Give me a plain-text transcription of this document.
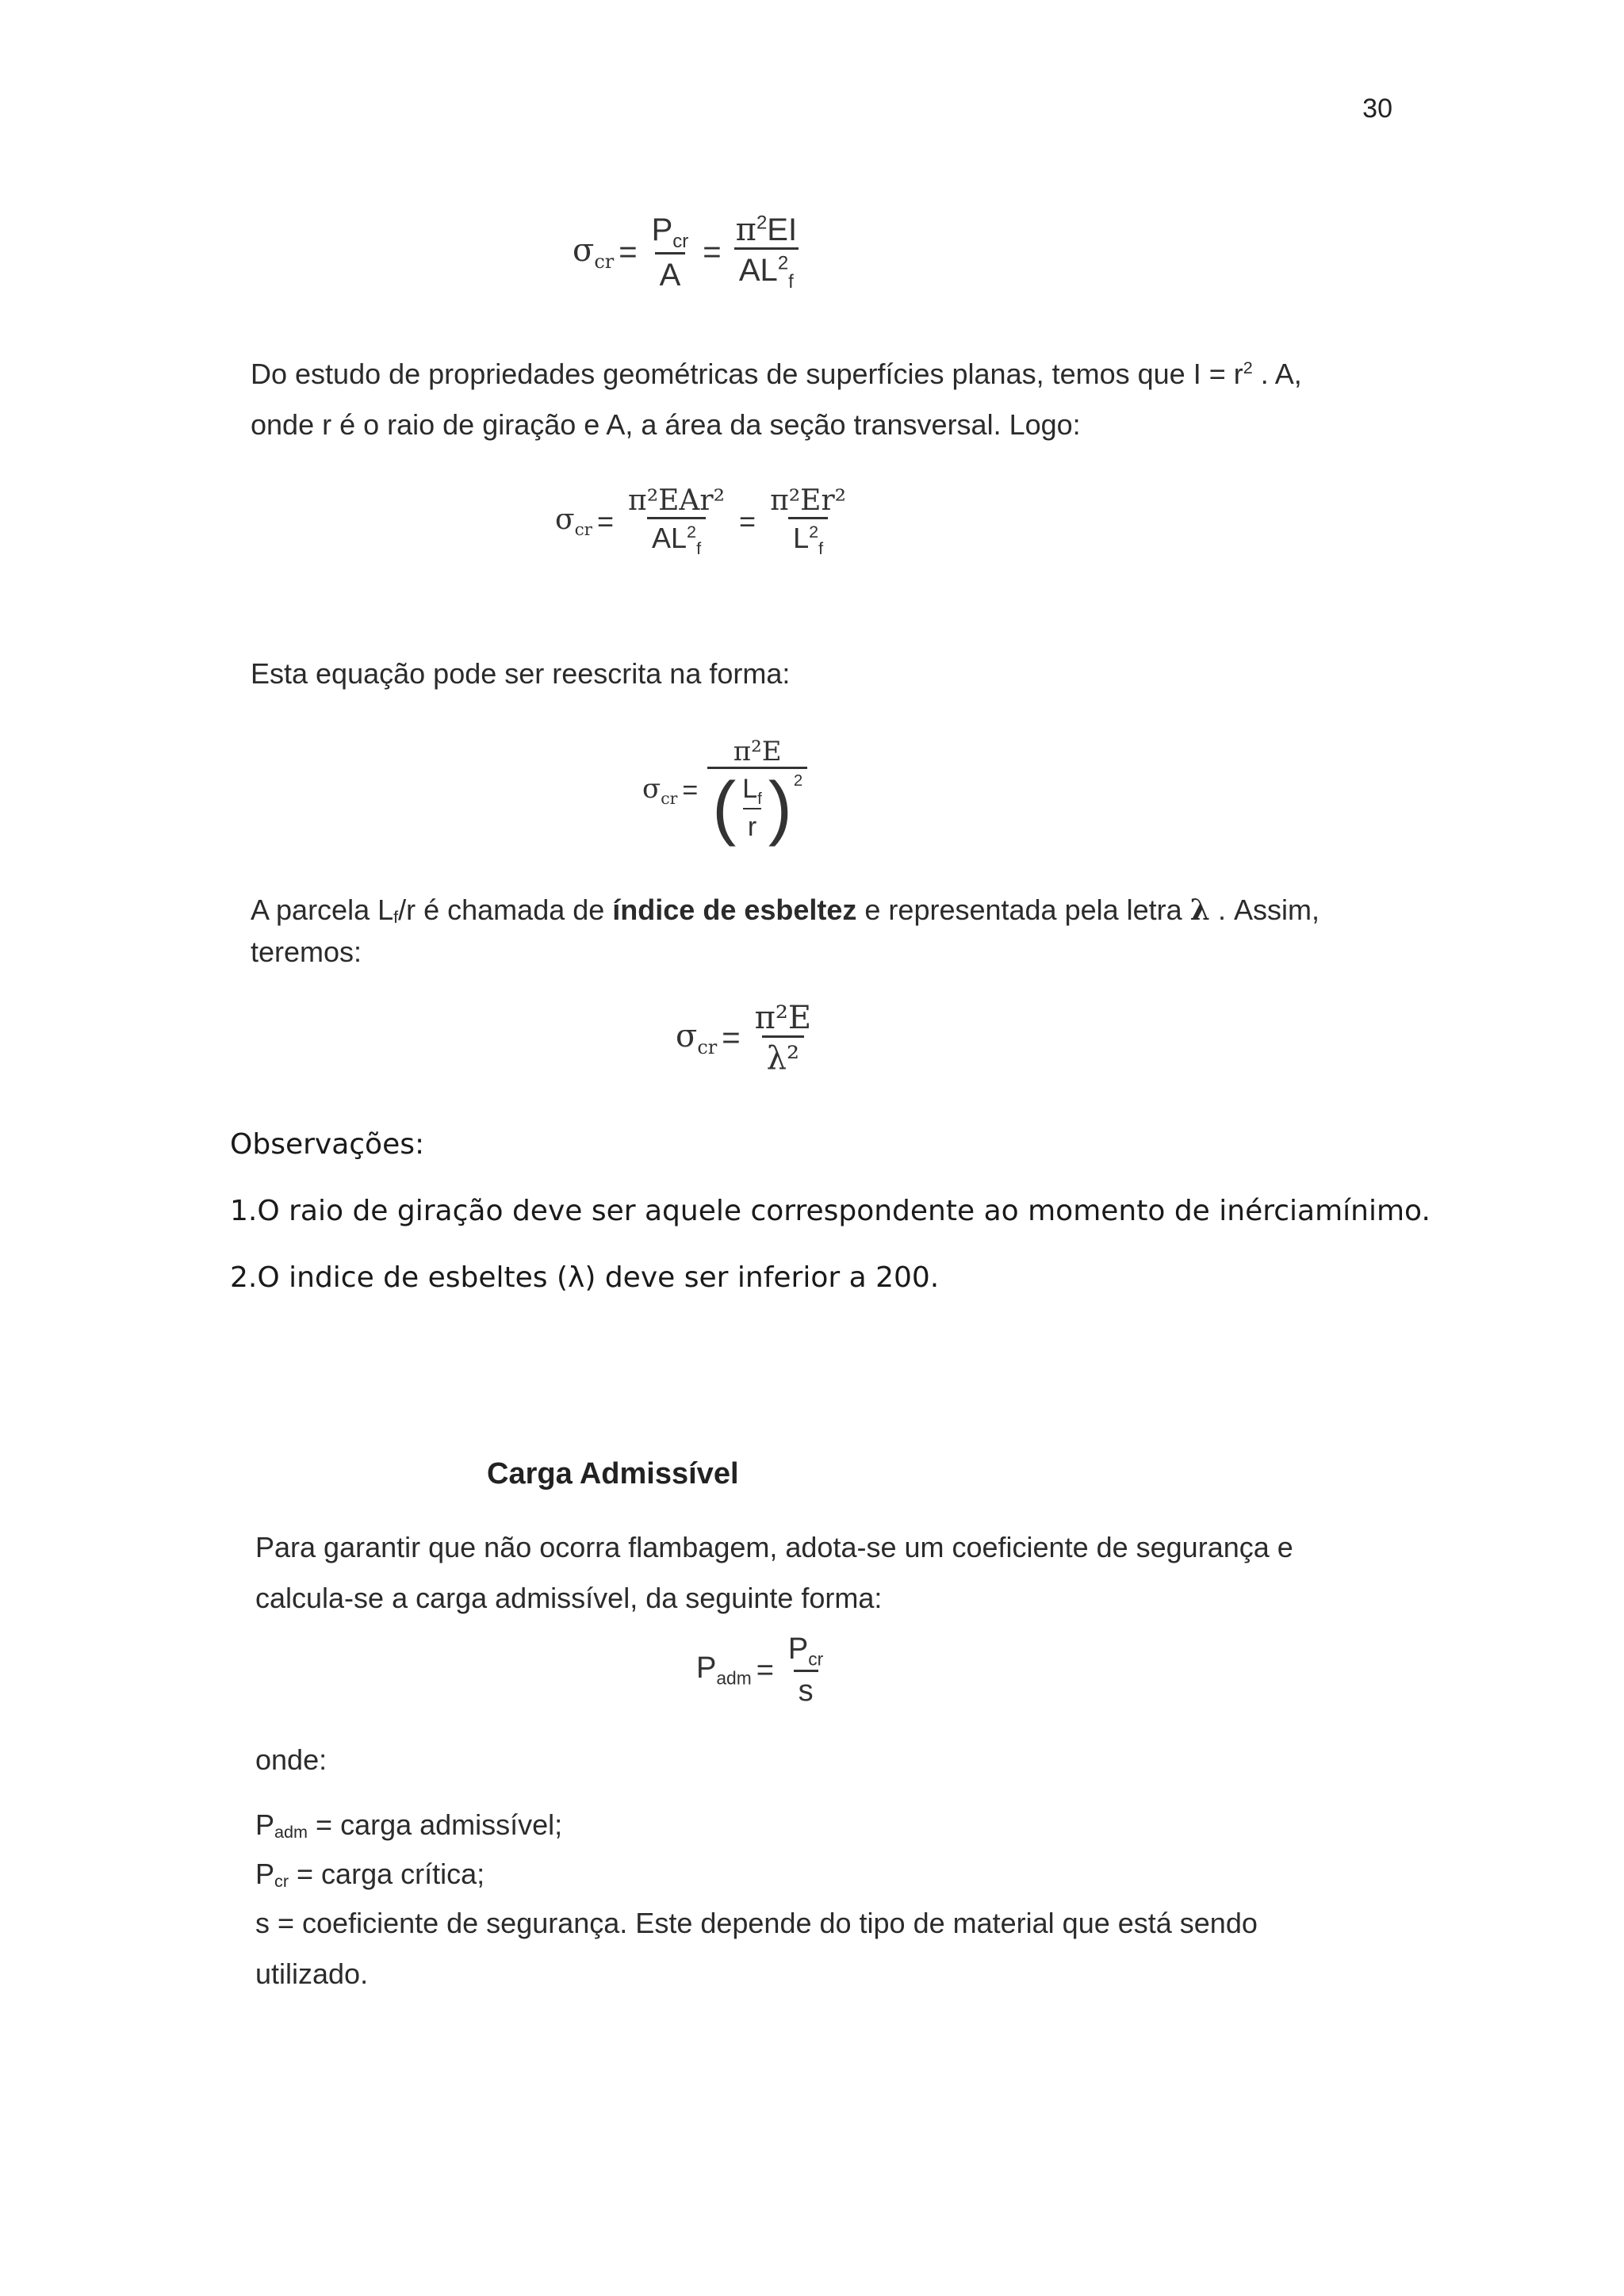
30
$\sigma_{cr} = \frac{P_{cr}}{A} = \frac{\pi^2EI}{AL^2_f}$
Do estudo de propriedades geométricas de superfícies planas, temos que $I = r^2$ . A,
onde r é o raio de giração e A, a área da seção transversal. Logo:
$\sigma_{cr} = \frac{\text{π²EAr²}}{AL^2_f} = \frac{\text{π²Er²}}{L^2_f}$
Esta equação pode ser reescrita na forma:
$\sigma_{cr}$ =
π²E
( $\frac{L_f}{r} )^2$
A parcela Lf/r é chamada de índice de esbeltez e representada pela letra λ . Assim,
teremos:
$\sigma_{cr} = \frac{\text{π²E}}{\text{λ²}}$
Observações:
1.O raio de giração deve ser aquele correspondente ao momento de inérciamínimo.
2.O indice de esbeltes (λ) deve ser inferior a 200.
Carga Admissível
Para garantir que não ocorra flambagem, adota-se um coeficiente de segurança e
calcula-se a carga admissível, da seguinte forma:
$P_{adm} = \frac{P_{cr}}{s}$
onde:
Padm = carga admissível;
Pcr = carga crítica;
s = coeficiente de segurança. Este depende do tipo de material que está sendo
utilizado.
